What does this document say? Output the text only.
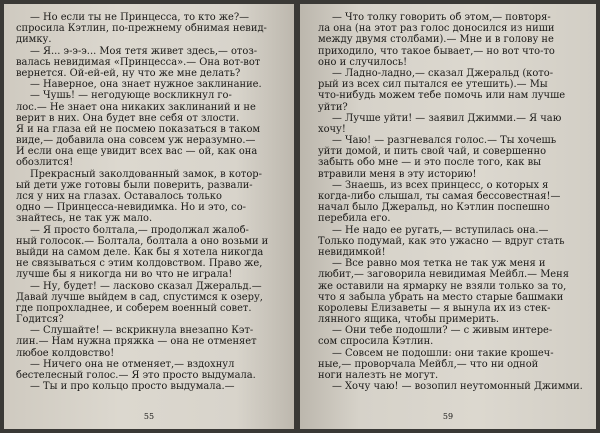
— Но если ты не Принцесса, то кто же?—
спросила Кэтлин, по-прежнему обнимая невид-
димку.
— Я... э-э-э... Моя тетя живет здесь,— отоз-
валась невидимая «Принцесса».— Она вот-вот
вернется. Ой-ей-ей, ну что же мне делать?
— Наверное, она знает нужное заклинание.
— Чушь! — негодующе воскликнул го-
лос.— Не знает она никаких заклинаний и не
верит в них. Она будет вне себя от злости.
Я и на глаза ей не посмею показаться в таком
виде,— добавила она совсем уж неразумно.—
И если она еще увидит всех вас — ой, как она
обозлится!
Прекрасный заколдованный замок, в котор-
ый дети уже готовы были поверить, развали-
лся у них на глазах. Оставалось только
одно — Принцесса-невидимка. Но и это, со-
знайтесь, не так уж мало.
— Я просто болтала,— продолжал жалоб-
ный голосок.— Болтала, болтала а оно возьми и
выйди на самом деле. Как бы я хотела никогда
не связываться с этим колдовством. Право же,
лучше бы я никогда ни во что не играла!
— Ну, будет! — ласково сказал Джеральд.—
Давай лучше выйдем в сад, спустимся к озеру,
где попрохладнее, и соберем военный совет.
Годится?
— Слушайте! — вскрикнула внезапно Кэт-
лин.— Нам нужна пряжка — она не отменяет
любое колдовство!
— Ничего она не отменяет,— вздохнул
бестелесный голос.— Я это просто выдумала.
— Ты и про кольцо просто выдумала.—
55
— Что толку говорить об этом,— повторя-
ла она (на этот раз голос доносился из ниши
между двумя столбами).— Мне и в голову не
приходило, что такое бывает,— но вот что-то
оно и случилось!
— Ладно-ладно,— сказал Джеральд (кото-
рый из всех сил пытался ее утешить).— Мы
что-нибудь можем тебе помочь или нам лучше
уйти?
— Лучше уйти! — заявил Джимми.— Я чаю
хочу!
— Чаю! — разгневался голос.— Ты хочешь
уйти домой, и пить свой чай, и совершенно
забыть обо мне — и это после того, как вы
втравили меня в эту историю!
— Знаешь, из всех принцесс, о которых я
когда-либо слышал, ты самая бессовестная!—
начал было Джеральд, но Кэтлин поспешно
перебила его.
— Не надо ее ругать,— вступилась она.—
Только подумай, как это ужасно — вдруг стать
невидимкой!
— Все равно моя тетка не так уж меня и
любит,— заговорила невидимая Мейбл.— Меня
же оставили на ярмарку не взяли только за то,
что я забыла убрать на место старые башмаки
королевы Елизаветы — я вынула их из стек-
лянного ящика, чтобы примерить.
— Они тебе подошли? — с живым интере-
сом спросила Кэтлин.
— Совсем не подошли: они такие крошеч-
ные,— проворчала Мейбл,— что ни одной
ноги налезть не могут.
— Хочу чаю! — возопил неутомонный Джимми.
59
